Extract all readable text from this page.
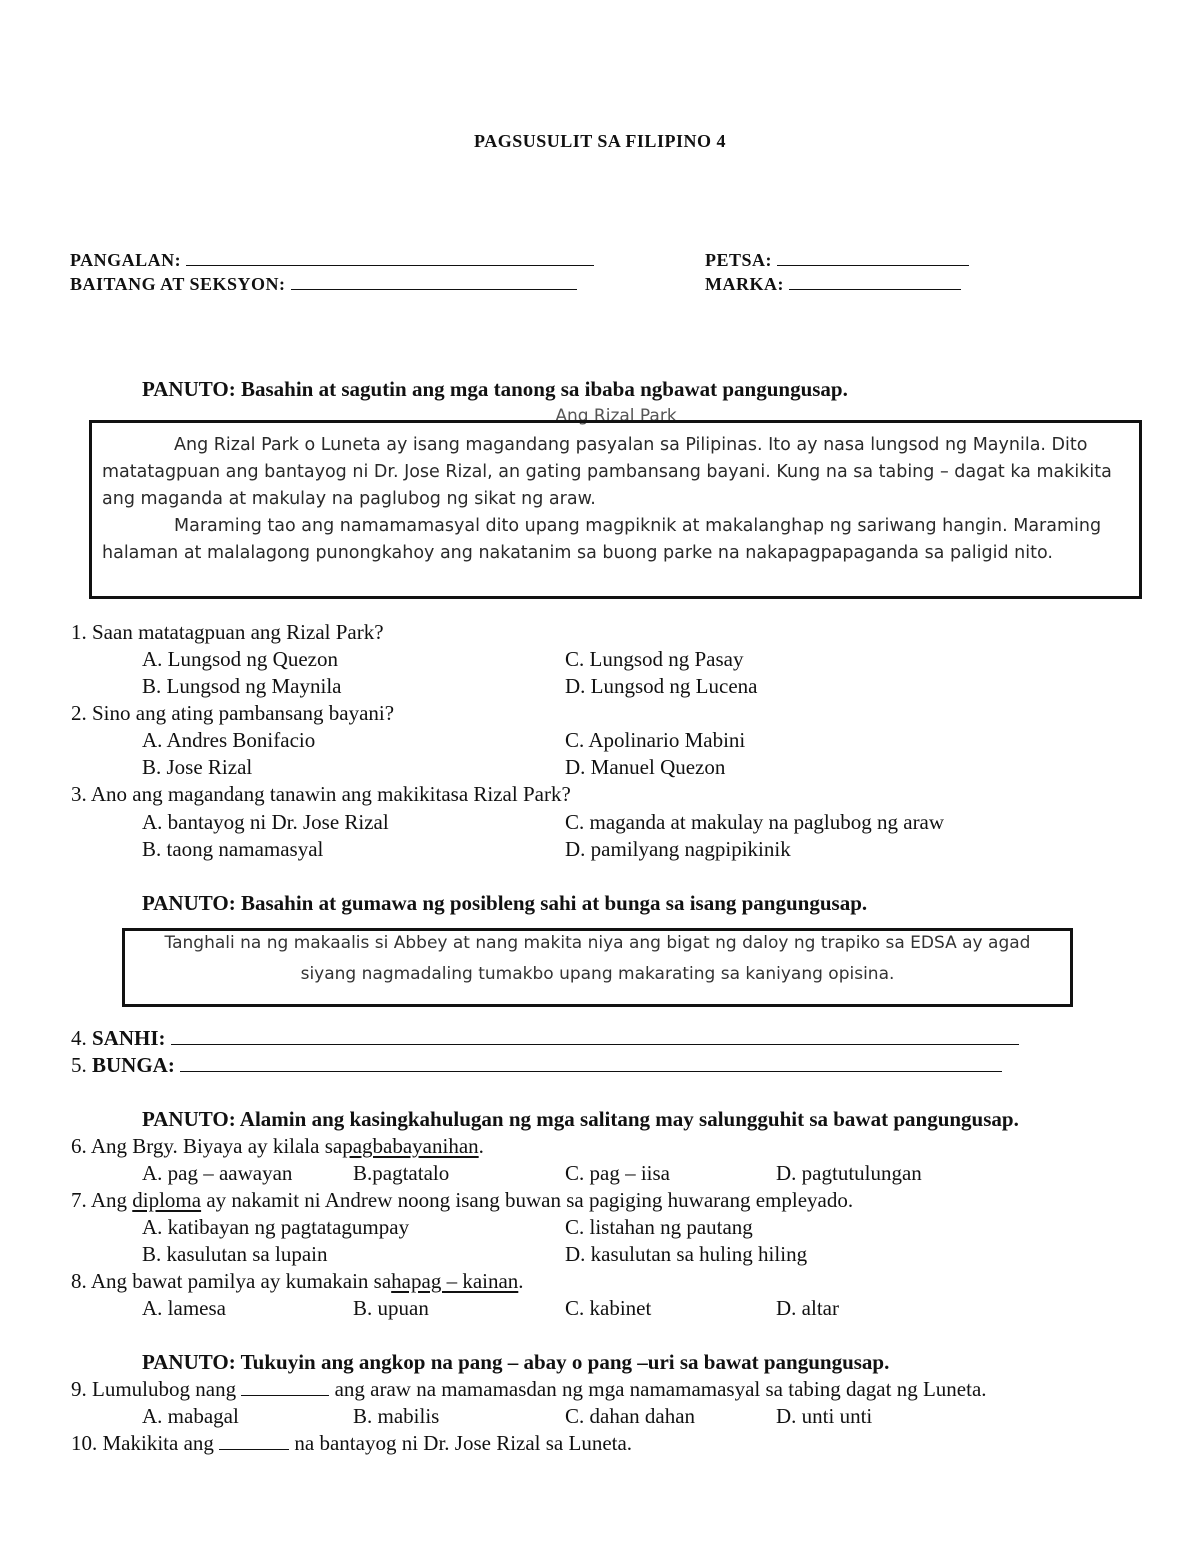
PAGSUSULIT SA FILIPINO 4
PANGALAN:	PETSA:
BAITANG AT SEKSYON:	MARKA:
PANUTO: Basahin at sagutin ang mga tanong sa ibaba ngbawat pangungusap.
Ang Rizal Park
Ang Rizal Park o Luneta ay isang magandang pasyalan sa Pilipinas. Ito ay nasa lungsod ng Maynila. Dito
matatagpuan ang bantayog ni Dr. Jose Rizal, an gating pambansang bayani. Kung na sa tabing – dagat ka makikita
ang maganda at makulay na paglubog ng sikat ng araw.
Maraming tao ang namamamasyal dito upang magpiknik at makalanghap ng sariwang hangin. Maraming
halaman at malalagong punongkahoy ang nakatanim sa buong parke na nakapagpapaganda sa paligid nito.
1. Saan matatagpuan ang Rizal Park?
A. Lungsod ng Quezon	C. Lungsod ng Pasay
B. Lungsod ng Maynila	D. Lungsod ng Lucena
2. Sino ang ating pambansang bayani?
A. Andres Bonifacio	C. Apolinario Mabini
B. Jose Rizal	D. Manuel Quezon
3. Ano ang magandang tanawin ang makikitasa Rizal Park?
A. bantayog ni Dr. Jose Rizal	C. maganda at makulay na paglubog ng araw
B. taong namamasyal	D. pamilyang nagpipikinik
PANUTO: Basahin at gumawa ng posibleng sahi at bunga sa isang pangungusap.
Tanghali na ng makaalis si Abbey at nang makita niya ang bigat ng daloy ng trapiko sa EDSA ay agad
siyang nagmadaling tumakbo upang makarating sa kaniyang opisina.
4. SANHI:
5. BUNGA:
PANUTO: Alamin ang kasingkahulugan ng mga salitang may salungguhit sa bawat pangungusap.
6. Ang Brgy. Biyaya ay kilala sapagbabayanihan.
A. pag – aawayan	B.pagtatalo	C. pag – iisa	D. pagtutulungan
7. Ang diploma ay nakamit ni Andrew noong isang buwan sa pagiging huwarang empleyado.
A. katibayan ng pagtatagumpay	C. listahan ng pautang
B. kasulutan sa lupain	D. kasulutan sa huling hiling
8. Ang bawat pamilya ay kumakain sahapag – kainan.
A. lamesa	B. upuan	C. kabinet	D. altar
PANUTO: Tukuyin ang angkop na pang – abay o pang –uri sa bawat pangungusap.
9. Lumulubog nang	ang araw na mamamasdan ng mga namamamasyal sa tabing dagat ng Luneta.
A. mabagal	B. mabilis	C. dahan dahan	D. unti unti
10. Makikita ang	na bantayog ni Dr. Jose Rizal sa Luneta.
